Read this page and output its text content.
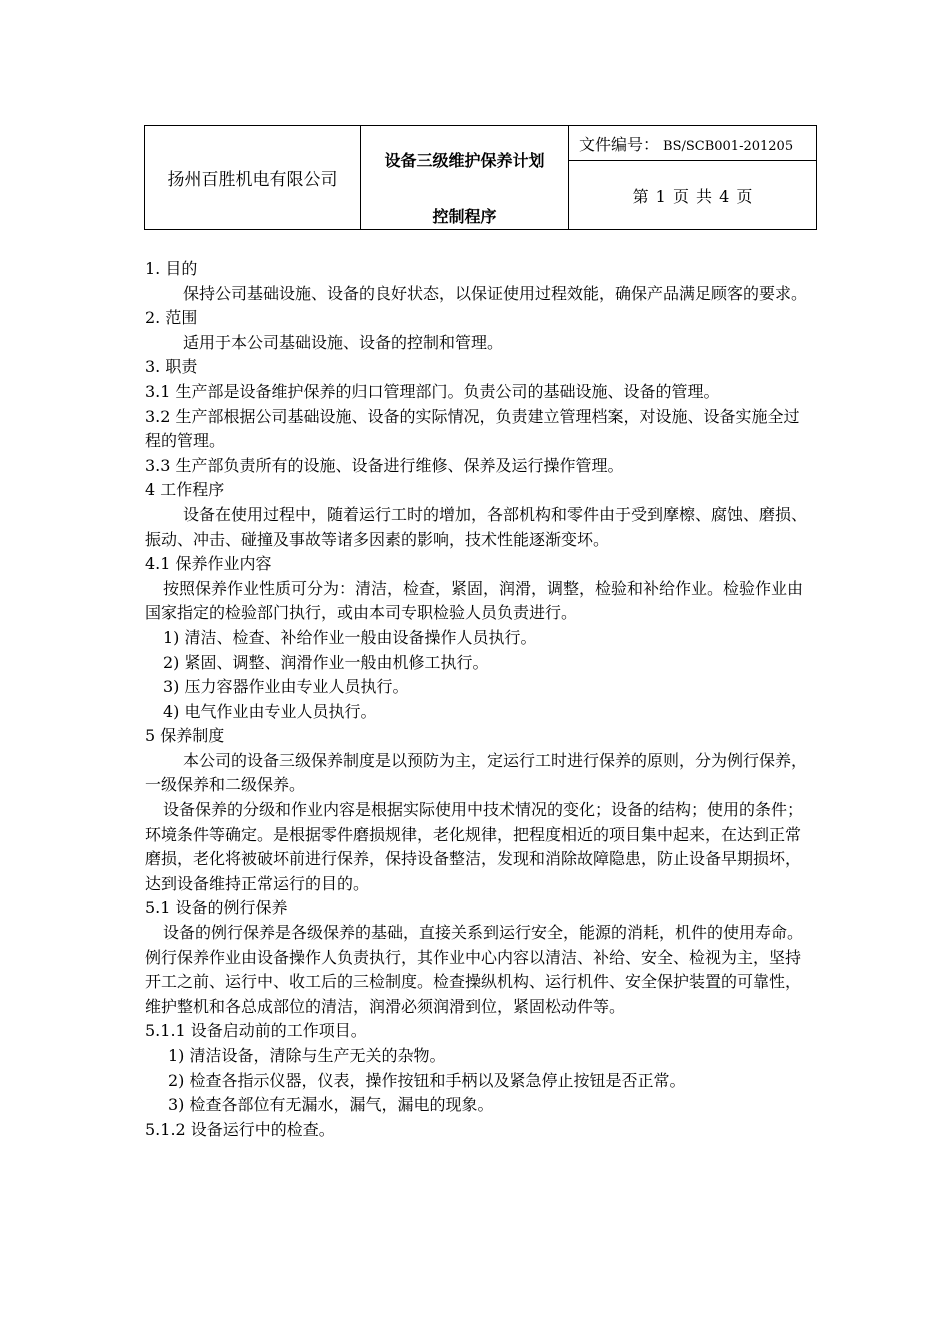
扬州百胜机电有限公司	
设备三级维护保养计划
控制程序
	文件编号： BS/SCB001-201205
第 1 页 共 4 页

1. 目的

保持公司基础设施、设备的良好状态，以保证使用过程效能，确保产品满足顾客的要求。

2. 范围

适用于本公司基础设施、设备的控制和管理。

3. 职责

3.1 生产部是设备维护保养的归口管理部门。负责公司的基础设施、设备的管理。

3.2 生产部根据公司基础设施、设备的实际情况，负责建立管理档案，对设施、设备实施全过程的管理。

3.3 生产部负责所有的设施、设备进行维修、保养及运行操作管理。

4 工作程序

设备在使用过程中，随着运行工时的增加，各部机构和零件由于受到摩檫、腐蚀、磨损、振动、冲击、碰撞及事故等诸多因素的影响，技术性能逐渐变坏。

4.1 保养作业内容

按照保养作业性质可分为：清洁，检查，紧固，润滑，调整，检验和补给作业。检验作业由国家指定的检验部门执行，或由本司专职检验人员负责进行。

1) 清洁、检查、补给作业一般由设备操作人员执行。

2) 紧固、调整、润滑作业一般由机修工执行。

3) 压力容器作业由专业人员执行。

4) 电气作业由专业人员执行。

5 保养制度

本公司的设备三级保养制度是以预防为主，定运行工时进行保养的原则，分为例行保养，一级保养和二级保养。

设备保养的分级和作业内容是根据实际使用中技术情况的变化；设备的结构；使用的条件；环境条件等确定。是根据零件磨损规律，老化规律，把程度相近的项目集中起来，在达到正常磨损，老化将被破坏前进行保养，保持设备整洁，发现和消除故障隐患，防止设备早期损坏，达到设备维持正常运行的目的。

5.1 设备的例行保养

设备的例行保养是各级保养的基础，直接关系到运行安全，能源的消耗，机件的使用寿命。例行保养作业由设备操作人负责执行，其作业中心内容以清洁、补给、安全、检视为主，坚持开工之前、运行中、收工后的三检制度。检查操纵机构、运行机件、安全保护装置的可靠性，维护整机和各总成部位的清洁，润滑必须润滑到位，紧固松动件等。

5.1.1 设备启动前的工作项目。

1) 清洁设备，清除与生产无关的杂物。

2) 检查各指示仪器，仪表，操作按钮和手柄以及紧急停止按钮是否正常。

3) 检查各部位有无漏水，漏气，漏电的现象。

5.1.2 设备运行中的检查。
